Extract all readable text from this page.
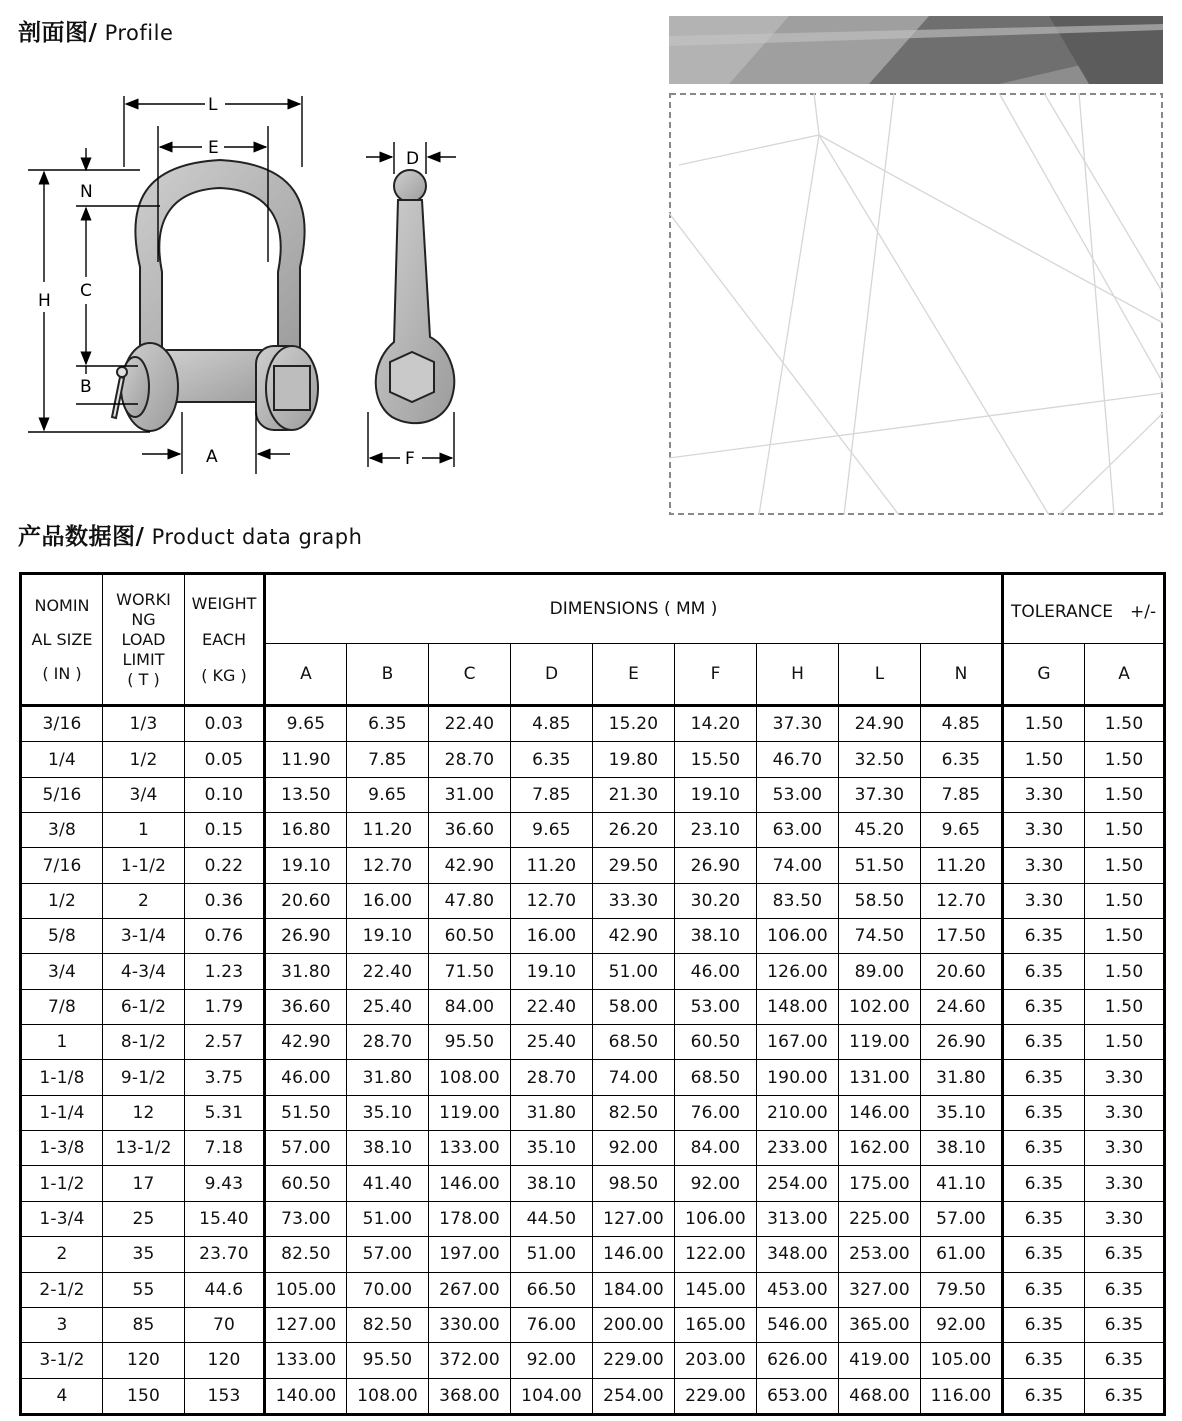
剖面图/ Profile
产品数据图/ Product data graph
L
E
N
C
H
B
A
D
F
NOMIN
AL SIZE
( IN )	WORKI
NG
LOAD
LIMIT
( T )	WEIGHT
EACH
( KG )	DIMENSIONS ( MM )									TOLERANCE　+/-	
			A	B	C	D	E	F	H	L	N	G	A
3/16	1/3	0.03	9.65	6.35	22.40	4.85	15.20	14.20	37.30	24.90	4.85	1.50	1.50
1/4	1/2	0.05	11.90	7.85	28.70	6.35	19.80	15.50	46.70	32.50	6.35	1.50	1.50
5/16	3/4	0.10	13.50	9.65	31.00	7.85	21.30	19.10	53.00	37.30	7.85	3.30	1.50
3/8	1	0.15	16.80	11.20	36.60	9.65	26.20	23.10	63.00	45.20	9.65	3.30	1.50
7/16	1-1/2	0.22	19.10	12.70	42.90	11.20	29.50	26.90	74.00	51.50	11.20	3.30	1.50
1/2	2	0.36	20.60	16.00	47.80	12.70	33.30	30.20	83.50	58.50	12.70	3.30	1.50
5/8	3-1/4	0.76	26.90	19.10	60.50	16.00	42.90	38.10	106.00	74.50	17.50	6.35	1.50
3/4	4-3/4	1.23	31.80	22.40	71.50	19.10	51.00	46.00	126.00	89.00	20.60	6.35	1.50
7/8	6-1/2	1.79	36.60	25.40	84.00	22.40	58.00	53.00	148.00	102.00	24.60	6.35	1.50
1	8-1/2	2.57	42.90	28.70	95.50	25.40	68.50	60.50	167.00	119.00	26.90	6.35	1.50
1-1/8	9-1/2	3.75	46.00	31.80	108.00	28.70	74.00	68.50	190.00	131.00	31.80	6.35	3.30
1-1/4	12	5.31	51.50	35.10	119.00	31.80	82.50	76.00	210.00	146.00	35.10	6.35	3.30
1-3/8	13-1/2	7.18	57.00	38.10	133.00	35.10	92.00	84.00	233.00	162.00	38.10	6.35	3.30
1-1/2	17	9.43	60.50	41.40	146.00	38.10	98.50	92.00	254.00	175.00	41.10	6.35	3.30
1-3/4	25	15.40	73.00	51.00	178.00	44.50	127.00	106.00	313.00	225.00	57.00	6.35	3.30
2	35	23.70	82.50	57.00	197.00	51.00	146.00	122.00	348.00	253.00	61.00	6.35	6.35
2-1/2	55	44.6	105.00	70.00	267.00	66.50	184.00	145.00	453.00	327.00	79.50	6.35	6.35
3	85	70	127.00	82.50	330.00	76.00	200.00	165.00	546.00	365.00	92.00	6.35	6.35
3-1/2	120	120	133.00	95.50	372.00	92.00	229.00	203.00	626.00	419.00	105.00	6.35	6.35
4	150	153	140.00	108.00	368.00	104.00	254.00	229.00	653.00	468.00	116.00	6.35	6.35
